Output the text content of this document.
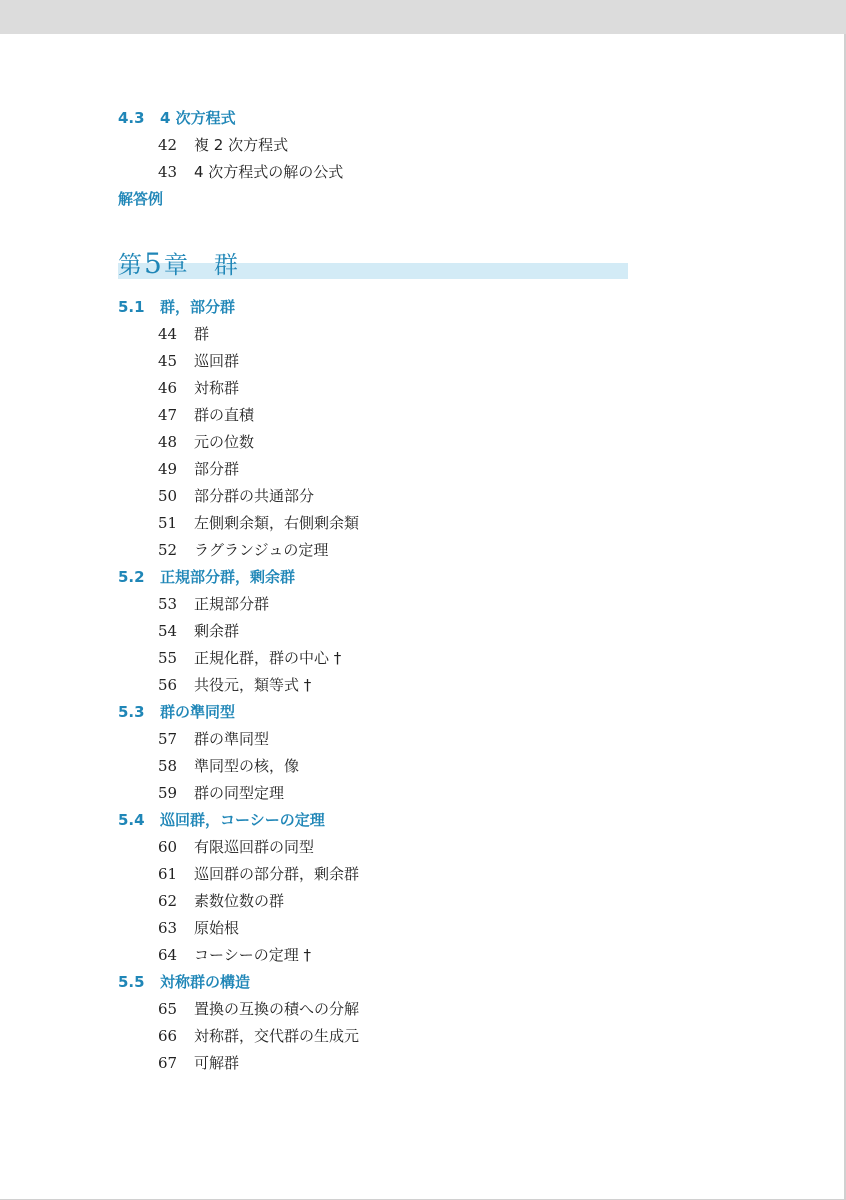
4.3 4 次方程式
42 複 2 次方程式
43 4 次方程式の解の公式
解答例
第5章 群
5.1 群，部分群
44 群
45 巡回群
46 対称群
47 群の直積
48 元の位数
49 部分群
50 部分群の共通部分
51 左側剰余類，右側剰余類
52 ラグランジュの定理
5.2 正規部分群，剰余群
53 正規部分群
54 剰余群
55 正規化群，群の中心 †
56 共役元，類等式 †
5.3 群の準同型
57 群の準同型
58 準同型の核，像
59 群の同型定理
5.4 巡回群，コーシーの定理
60 有限巡回群の同型
61 巡回群の部分群，剰余群
62 素数位数の群
63 原始根
64 コーシーの定理 †
5.5 対称群の構造
65 置換の互換の積への分解
66 対称群，交代群の生成元
67 可解群
